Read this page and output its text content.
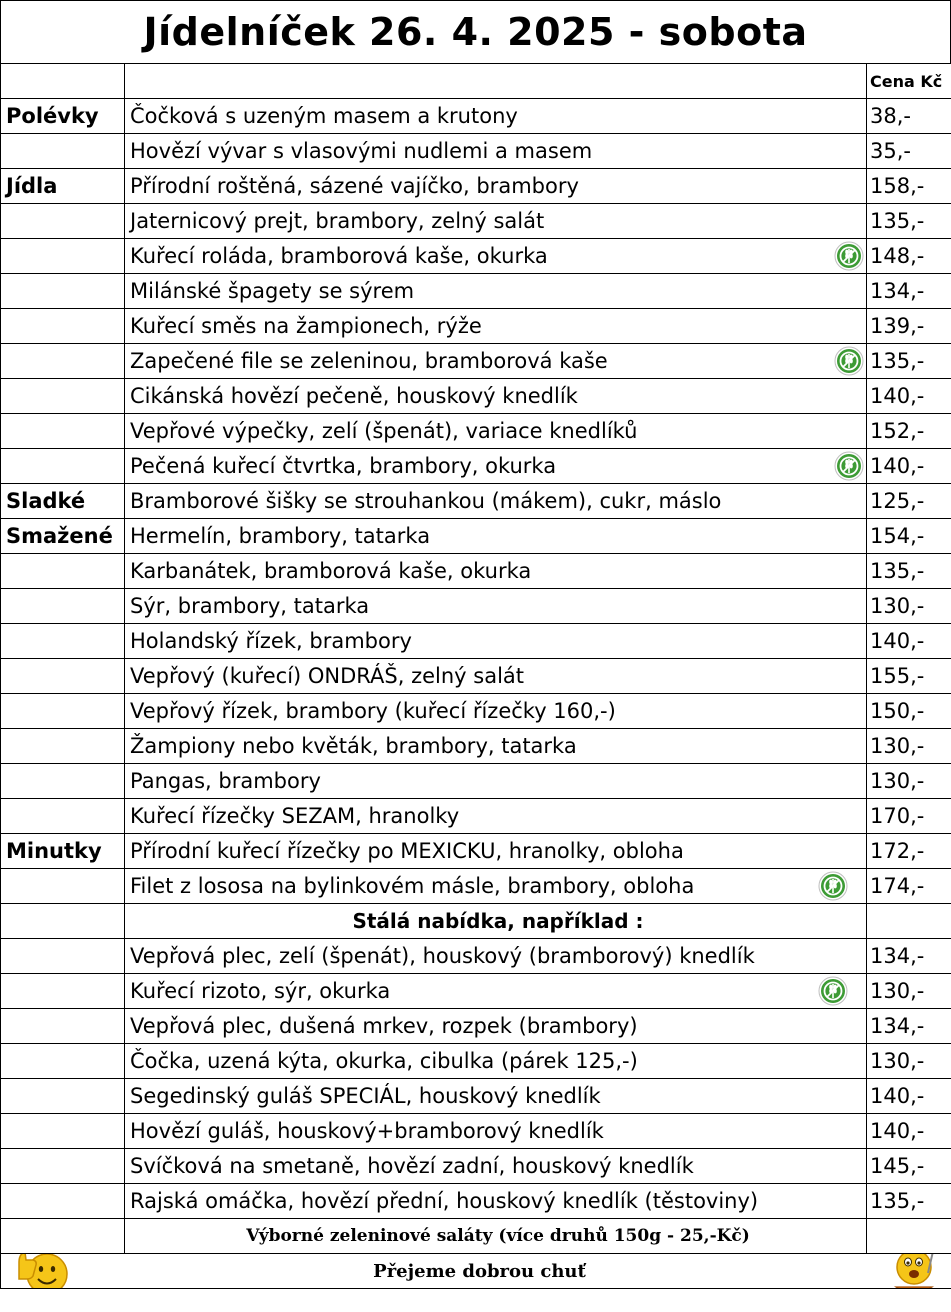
Jídelníček 26. 4. 2025 - sobota
		Cena Kč
Polévky	Čočková s uzeným masem a krutony	38,-
	Hovězí vývar s vlasovými nudlemi a masem	35,-
Jídla	Přírodní roštěná, sázené vajíčko, brambory	158,-
	Jaternicový prejt, brambory, zelný salát	135,-
	Kuřecí roláda, bramborová kaše, okurka	148,-
	Milánské špagety se sýrem	134,-
	Kuřecí směs na žampionech, rýže	139,-
	Zapečené file se zeleninou, bramborová kaše	135,-
	Cikánská hovězí pečeně, houskový knedlík	140,-
	Vepřové výpečky, zelí (špenát), variace knedlíků	152,-
	Pečená kuřecí čtvrtka, brambory, okurka	140,-
Sladké	Bramborové šišky se strouhankou (mákem), cukr, máslo	125,-
Smažené	Hermelín, brambory, tatarka	154,-
	Karbanátek, bramborová kaše, okurka	135,-
	Sýr, brambory, tatarka	130,-
	Holandský řízek, brambory	140,-
	Vepřový (kuřecí) ONDRÁŠ, zelný salát	155,-
	Vepřový řízek, brambory (kuřecí řízečky 160,-)	150,-
	Žampiony nebo květák, brambory, tatarka	130,-
	Pangas, brambory	130,-
	Kuřecí řízečky SEZAM, hranolky	170,-
Minutky	Přírodní kuřecí řízečky po MEXICKU, hranolky, obloha	172,-
	Filet z lososa na bylinkovém másle, brambory, obloha	174,-
	Stálá nabídka, například :	
	Vepřová plec, zelí (špenát), houskový (bramborový) knedlík	134,-
	Kuřecí rizoto, sýr, okurka	130,-
	Vepřová plec, dušená mrkev, rozpek (brambory)	134,-
	Čočka, uzená kýta, okurka, cibulka (párek 125,-)	130,-
	Segedinský guláš SPECIÁL, houskový knedlík	140,-
	Hovězí guláš, houskový+bramborový knedlík	140,-
	Svíčková na smetaně, hovězí zadní, houskový knedlík	145,-
	Rajská omáčka, hovězí přední, houskový knedlík (těstoviny)	135,-
	Výborné zeleninové saláty (více druhů 150g - 25,-Kč)	
Přejeme dobrou chuť		
